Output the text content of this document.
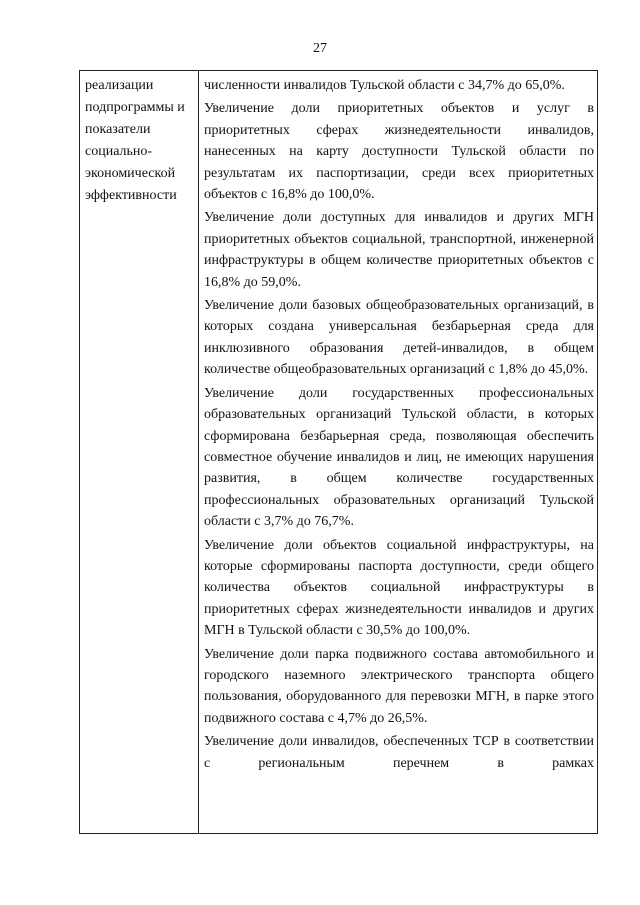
27
реализации
подпрограммы и
показатели
социально-
экономической
эффективности

численности инвалидов Тульской области с 34,7% до 65,0%.

Увеличение доли приоритетных объектов и услуг в приоритетных сферах жизнедеятельности инвалидов, нанесенных на карту доступности Тульской области по результатам их паспортизации, среди всех приоритетных объектов с 16,8% до 100,0%.

Увеличение доли доступных для инвалидов и других МГН приоритетных объектов социальной, транспортной, инженерной инфраструктуры в общем количестве приоритетных объектов с 16,8% до 59,0%.

Увеличение доли базовых общеобразовательных организаций, в которых создана универсальная безбарьерная среда для инклюзивного образования детей-инвалидов, в общем количестве общеобразовательных организаций с 1,8% до 45,0%.

Увеличение доли государственных профессиональных образовательных организаций Тульской области, в которых сформирована безбарьерная среда, позволяющая обеспечить совместное обучение инвалидов и лиц, не имеющих нарушения развития, в общем количестве государственных профессиональных образовательных организаций Тульской области с 3,7% до 76,7%.

Увеличение доли объектов социальной инфраструктуры, на которые сформированы паспорта доступности, среди общего количества объектов социальной инфраструктуры в приоритетных сферах жизнедеятельности инвалидов и других МГН в Тульской области с 30,5% до 100,0%.

Увеличение доли парка подвижного состава автомобильного и городского наземного электрического транспорта общего пользования, оборудованного для перевозки МГН, в парке этого подвижного состава с 4,7% до 26,5%.

Увеличение доли инвалидов, обеспеченных ТСР в соответствии с региональным перечнем в рамках
